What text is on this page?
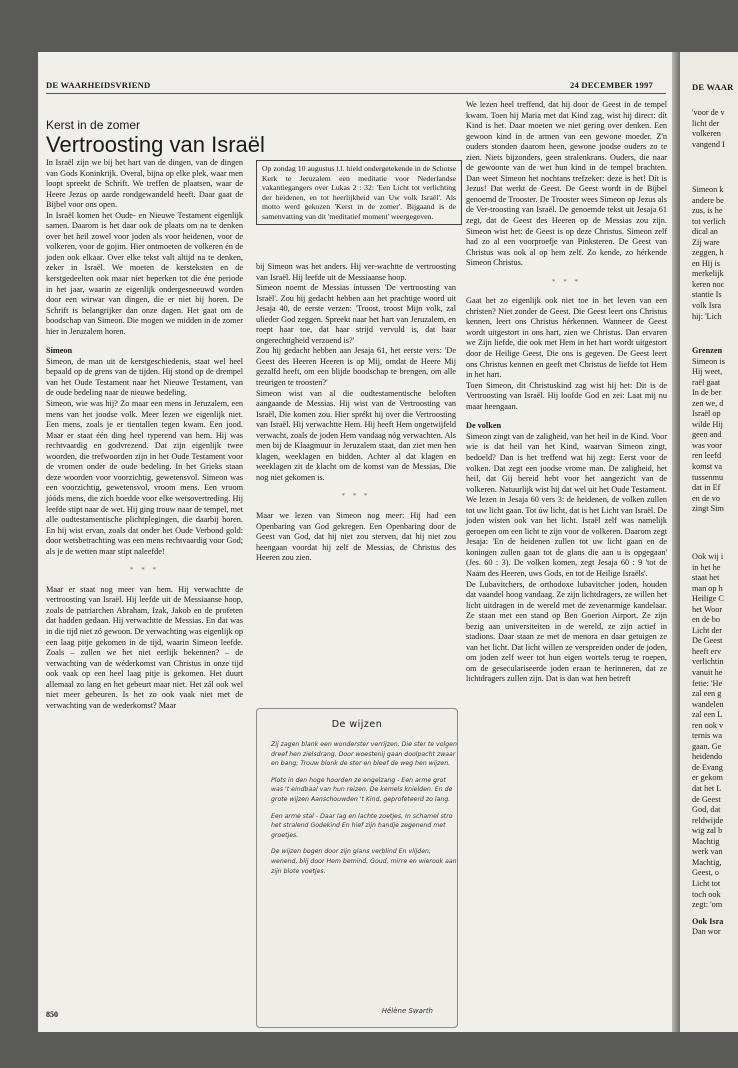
DE WAARHEIDSVRIEND	24 DECEMBER 1997
Kerst in de zomer
Vertroosting van Israël

In Israël zijn we bij het hart van de dingen, van de dingen van Gods Koninkrijk. Overal, bijna op elke plek, waar men loopt spreekt de Schrift. We treffen de plaatsen, waar de Heere Jezus op aarde rondgewandeld heeft. Daar gaat de Bijbel voor ons open.

In Israël komen het Oude- en Nieuwe Testament eigenlijk samen. Daarom is het daar ook de plaats om na te denken over het heil zowel voor joden als voor heidenen, voor de volkeren, voor de gojim. Hier ontmoeten de volkeren én de joden ook elkaar. Over elke tekst valt altijd na te denken, zeker in Israël. We moeten de kersteksten en de kerstgedeelten ook maar niet beperken tot die éne periode in het jaar, waarin ze eigenlijk ondergesneeuwd worden door een wirwar van dingen, die er niet bij horen. De Schrift is belangrijker dan onze dagen. Het gaat om de boodschap van Simeon. Die mogen we midden in de zomer hier in Jeruzalem horen.

Simeon

Simeon, de man uit de kerstgeschiedenis, staat wel heel bepaald op de grens van de tijden. Hij stond op de drempel van het Oude Testament naar het Nieuwe Testament, van de oude bedeling naar de nieuwe bedeling.

Simeon, wie was hij? Zo maar een mens in Jeruzalem, een mens van het joodse volk. Meer lezen we eigenlijk niet. Een mens, zoals je er tientallen tegen kwam. Een jood. Maar er staat één ding heel typerend van hem. Hij was rechtvaardig en godvrezend. Dat zijn eigenlijk twee woorden, die trefwoorden zijn in het Oude Testament voor de vromen onder de oude bedeling. In het Grieks staan deze woorden voor voorzichtig, gewetensvol. Simeon was een voorzichtig, gewetensvol, vroom mens. Een vroom jóóds mens, die zich hoedde voor elke wetsovertreding. Hij leefde stipt naar de wet. Hij ging trouw naar de tempel, met alle oudtestamentische plichtplegingen, die daarbij horen. En hij wist ervan, zoals dat onder het Oude Verbond gold: door wetsbetrachting was een mens rechtvaardig voor God; als je de wetten maar stipt naleefde!

* * *

Maar er staat nog meer van hem. Hij verwachtte de vertroosting van Israël. Hij leefde uit de Messiaanse hoop, zoals de patriarchen Abraham, Izak, Jakob en de profeten dat hadden gedaan. Hij verwachtte de Messias. En dat was in die tijd niet zó gewoon. De verwachting was eigenlijk op een laag pitje gekomen in de tijd, waarin Simeon leefde. Zoals – zullen we het niet eerlijk bekennen? – de verwachting van de wéderkomst van Christus in onze tijd ook vaak op een heel laag pitje is gekomen. Het duurt allemaal zo lang en het gebeurt maar niet. Het zál ook wel niet meer gebeuren. Is het zo ook vaak niet met de verwachting van de wederkomst? Maar

Op zondag 10 augustus l.l. hield ondergetekende in de Schotse Kerk te Jeruzalem een meditatie voor Nederlandse vakantiegangers over Lukas 2 : 32: 'Een Licht tot verlichting der heidenen, en tot heerlijkheid van Uw volk Israël'. Als motto werd gekozen 'Kerst in de zomer'. Bijgaand is de samenvatting van dit 'meditatief moment' weergegeven.

bij Simeon was het anders. Hij ver-wachtte de vertroosting van Israël. Hij leefde uit de Messiaanse hoop.

Simeon noemt de Messias intussen 'De vertroosting van Israël'. Zou hij gedacht hebben aan het prachtige woord uit Jesaja 40, de eerste verzen: 'Troost, troost Mijn volk, zal ulieder God zeggen. Spreekt naar het hart van Jeruzalem, en roept haar toe, dat haar strijd vervuld is, dat haar ongerechtigheid verzoend is?'

Zou hij gedacht hebben aan Jesaja 61, het eerste vers: 'De Geest des Heeren Heeren is op Mij, omdat de Heere Mij gezalfd heeft, om een blijde boodschap te brengen, om alle treurigen te troosten?'

Simeon wist van al die oudtestamentische beloften aangaande de Messias. Hij wist van de Vertroosting van Israël, Die komen zou. Hier sprékt hij over die Vertroosting van Israël. Hij verwachtte Hem. Hij heeft Hem ongetwijfeld verwacht, zoals de joden Hem vandaag nóg verwachten. Als men bij de Klaagmuur in Jeruzalem staat, dan ziet men hen klagen, weeklagen en bidden. Achter al dat klagen en weeklagen zit de klacht om de komst van de Messias, Die nog niet gekomen is.

* * *

Maar we lezen van Simeon nog meer: Hij had een Openbaring van God gekregen. Een Openbaring door de Geest van God, dat hij niet zou sterven, dat hij niet zou heengaan voordat hij zelf de Messias, de Christus des Heeren zou zien.

De wijzen

Zij zagen blank een wonderster verrijzen, Die ster te volgen dreef hen zielsdrang. Door woestenij gaan doolpacht zwaar en bang; Trouw blonk de ster en bleef de weg hen wijzen.

Plots in den hoge hoorden ze engelzang - Een arme grot was 't eindbaal van hun reizen. De kemels knielden. En de grote wijzen Aanschouwden 't Kind, geprofeteerd zo lang.

Een arme stal - Daar lag en lachte zoetjes, In schamel stro het stralend Godekind En hief zijn handje zegenend met groetjes.

De wijzen bogen door zijn glans verblind En vlijden, wenend, blij door Hem bemind, Goud, mirre en wierook aan zijn blote voetjes.

Hélène Swarth

We lezen heel treffend, dat hij door de Geest in de tempel kwam. Toen hij Maria met dat Kind zag, wist hij direct: dít Kind is het. Daar moeten we niet gering over denken. Een gewoon kind in de armen van een gewone moeder. Z'n ouders stonden daarom heen, gewone joodse ouders zo te zien. Niets bijzonders, geen stralenkrans. Ouders, die naar de gewoonte van de wet hun kind in de tempel brachten. Dan weet Simeon het nochtans trefzeker: deze is het! Dít is Jezus! Dat werkt de Geest. De Geest wordt in de Bijbel genoemd de Trooster. De Trooster wees Simeon op Jezus als de Ver-troosting van Israël. De genoemde tekst uit Jesaja 61 zegt, dat de Geest des Heeren op de Messias zou zijn. Simeon wist het: de Geest is op deze Christus. Simeon zelf had zo al een voorproefje van Pinksteren. De Geest van Christus was ook al op hem zelf. Zo kende, zo hérkende Simeon Christus.

* * *

Gaat het zo eigenlijk ook niet toe in het leven van een christen? Niet zonder de Geest. Die Geest leert ons Christus kennen, leert ons Christus hérkennen. Wanneer de Geest wordt uitgestort in ons hart, zien we Christus. Dan ervaren we Zijn liefde, die ook met Hem in het hart wordt uitgestort door de Heilige Geest, Die ons is gegeven. De Geest leert ons Christus kennen en geeft met Christus de liefde tot Hem in het hart.

Toen Simeon, dit Christuskind zag wist hij het: Dit is de Vertroosting van Israël. Hij loofde God en zei: Laat mij nu maar heengaan.

De volken

Simeon zingt van de zaligheid, van het heil in de Kind. Voor wie is dat heil van het Kind, waarvan Simeon zingt, bedoeld? Dan is het treffend wat hij zegt: Eerst voor de volken. Dat zegt een joodse vrome man. De zaligheid, het heil, dat Gij bereid hebt voor het aangezicht van de volkeren. Natuurlijk wist hij dat wel uit het Oude Testament. We lezen in Jesaja 60 vers 3: de heidenen, de volken zullen tot uw licht gaan. Tot úw licht, dat is het Licht van Israël. De joden wisten ook van het licht. Israël zelf was namelijk geroepen om een licht te zijn voor de volkeren. Daarom zegt Jesaja: 'En de heidenen zullen tot uw licht gaan en de koningen zullen gaan tot de glans die aan u is opgegaan' (Jes. 60 : 3). De volken komen, zegt Jesaja 60 : 9 'tot de Naam des Heeren, uws Gods, en tot de Heilige Israëls'.

De Lubavitchers, de orthodoxe lubavitcher joden, houden dat vaandel hoog vandaag. Ze zijn lichtdragers, ze willen het licht uitdragen in de wereld met de zevenarmige kandelaar. Ze staan met een stand op Ben Goerion Airport. Ze zijn bezig aan universiteiten in de wereld, ze zijn actief in stadions. Daar staan ze met de menora en daar getuigen ze van het licht. Dat licht willen ze verspreiden onder de joden, om joden zelf weer tot hun eigen wortels terug te roepen, om de geseculariseerde joden eraan te herinneren, dat ze lichtdragers zullen zijn. Dat is dan wat hen betreft

850
DE WAAR
'voor de v
licht der
volkeren
vangend I
Simeon k
andere be
zus, is he
tot verlich
dical an
Zij ware
zeggen, h
en Hij is
merkelijk
keren noc
stantie Is
volk Isra
hij: 'Lich
Grenzen
Simeon is
Hij weet,
raël gaat
In de ber
zen we, d
Israël op
wilde Hij
geen and
was voor
ren leefd
komst va
tussenmu
dat in Ef
en de vo
zingt Sim
Ook wij i
in het he
staat het
man op h
Heilige C
het Woor
en de bo
Licht der
De Geest
heeft erv
verlichtin
vanuit he
fetie: 'He
zal een g
wandelen
zal een L
ren ook v
ternis wa
gaan. Ge
heidendo
de Evang
er gekom
dat het L
de Geest
God, dat
reldwijde
wig zal b
Machtig
werk van
Machtig,
Geest, o
Licht tot
toch ook
zegt: 'om
Ook Isra
Dan wor
